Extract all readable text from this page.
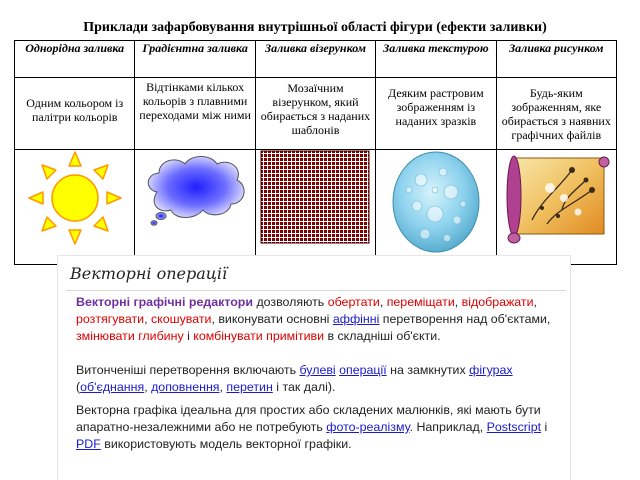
Приклади зафарбовування внутрішньої області фігури (ефекти заливки)
Однорідна заливка	Градієнтна заливка	Заливка візерунком	Заливка текстурою	Заливка рисунком

Одним кольором із палітри кольорів	Відтінками кількох кольорів з плавними переходами між ними	Мозаїчним візерунком, який обирається з наданих шаблонів	Деяким растровим зображенням із наданих зразків	Будь-яким зображенням, яке обирається з наявних графічних файлів

Векторні операції
Векторні графічні редактори дозволяють обертати, переміщати, відображати, розтягувати, скошувати, виконувати основні аффінні перетворення над об'єктами, змінювати глибину і комбінувати примітиви в складніші об'єкти.
Витонченіші перетворення включають булеві операції на замкнутих фігурах (об'єднання, доповнення, перетин і так далі).
Векторна графіка ідеальна для простих або складених малюнків, які мають бути апаратно-незалежними або не потребують фото-реалізму. Наприклад, Postscript і PDF використовують модель векторної графіки.
